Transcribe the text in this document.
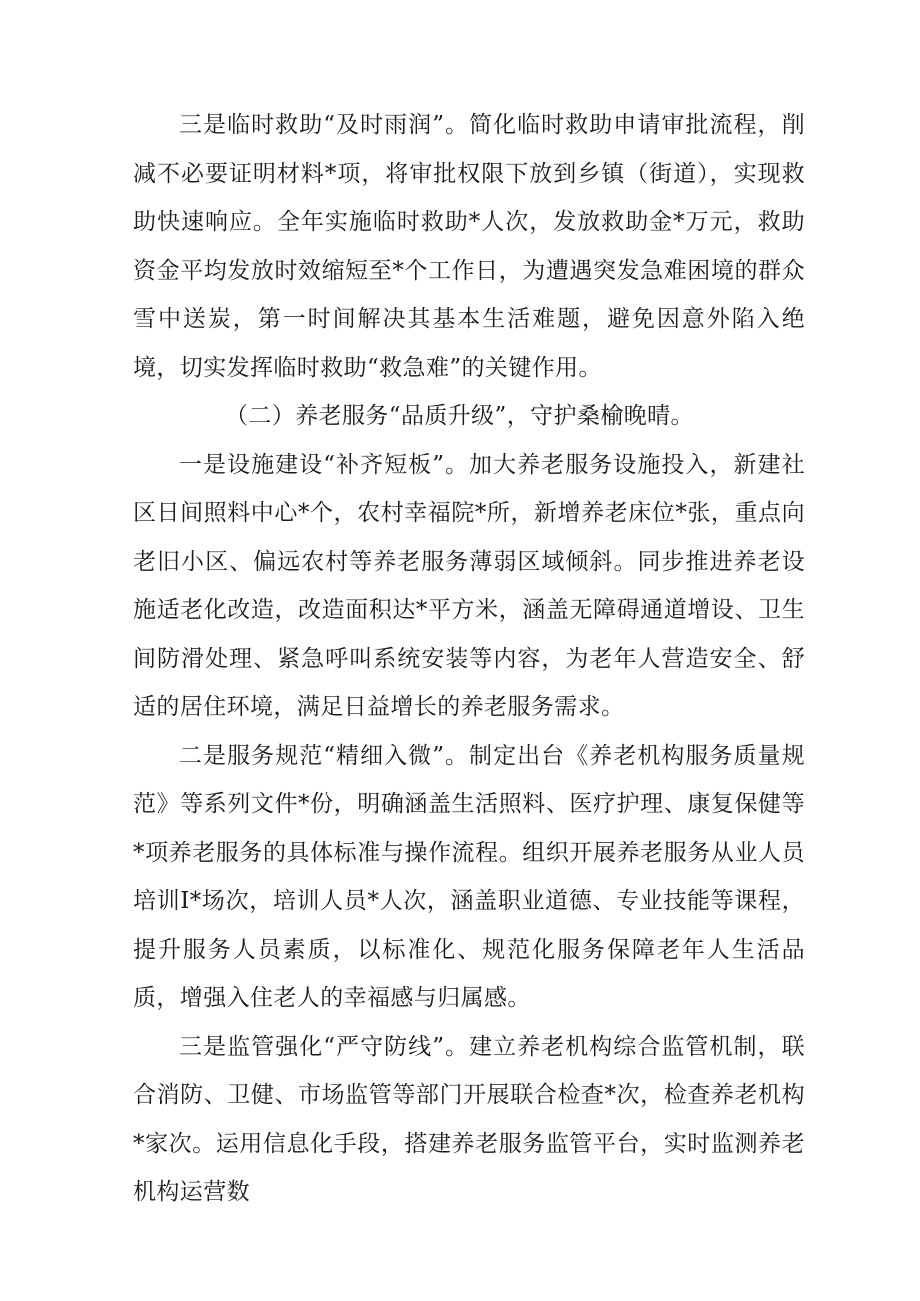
三是临时救助“及时雨润”。简化临时救助申请审批流程，削减不必要证明材料*项，将审批权限下放到乡镇（街道），实现救助快速响应。全年实施临时救助*人次，发放救助金*万元，救助资金平均发放时效缩短至*个工作日，为遭遇突发急难困境的群众雪中送炭，第一时间解决其基本生活难题，避免因意外陷入绝境，切实发挥临时救助“救急难”的关键作用。

（二）养老服务“品质升级”，守护桑榆晚晴。

一是设施建设“补齐短板”。加大养老服务设施投入，新建社区日间照料中心*个，农村幸福院*所，新增养老床位*张，重点向老旧小区、偏远农村等养老服务薄弱区域倾斜。同步推进养老设施适老化改造，改造面积达*平方米，涵盖无障碍通道增设、卫生间防滑处理、紧急呼叫系统安装等内容，为老年人营造安全、舒适的居住环境，满足日益增长的养老服务需求。

二是服务规范“精细入微”。制定出台《养老机构服务质量规范》等系列文件*份，明确涵盖生活照料、医疗护理、康复保健等*项养老服务的具体标准与操作流程。组织开展养老服务从业人员培训I*场次，培训人员*人次，涵盖职业道德、专业技能等课程，提升服务人员素质，以标准化、规范化服务保障老年人生活品质，增强入住老人的幸福感与归属感。

三是监管强化“严守防线”。建立养老机构综合监管机制，联合消防、卫健、市场监管等部门开展联合检查*次，检查养老机构*家次。运用信息化手段，搭建养老服务监管平台，实时监测养老机构运营数
